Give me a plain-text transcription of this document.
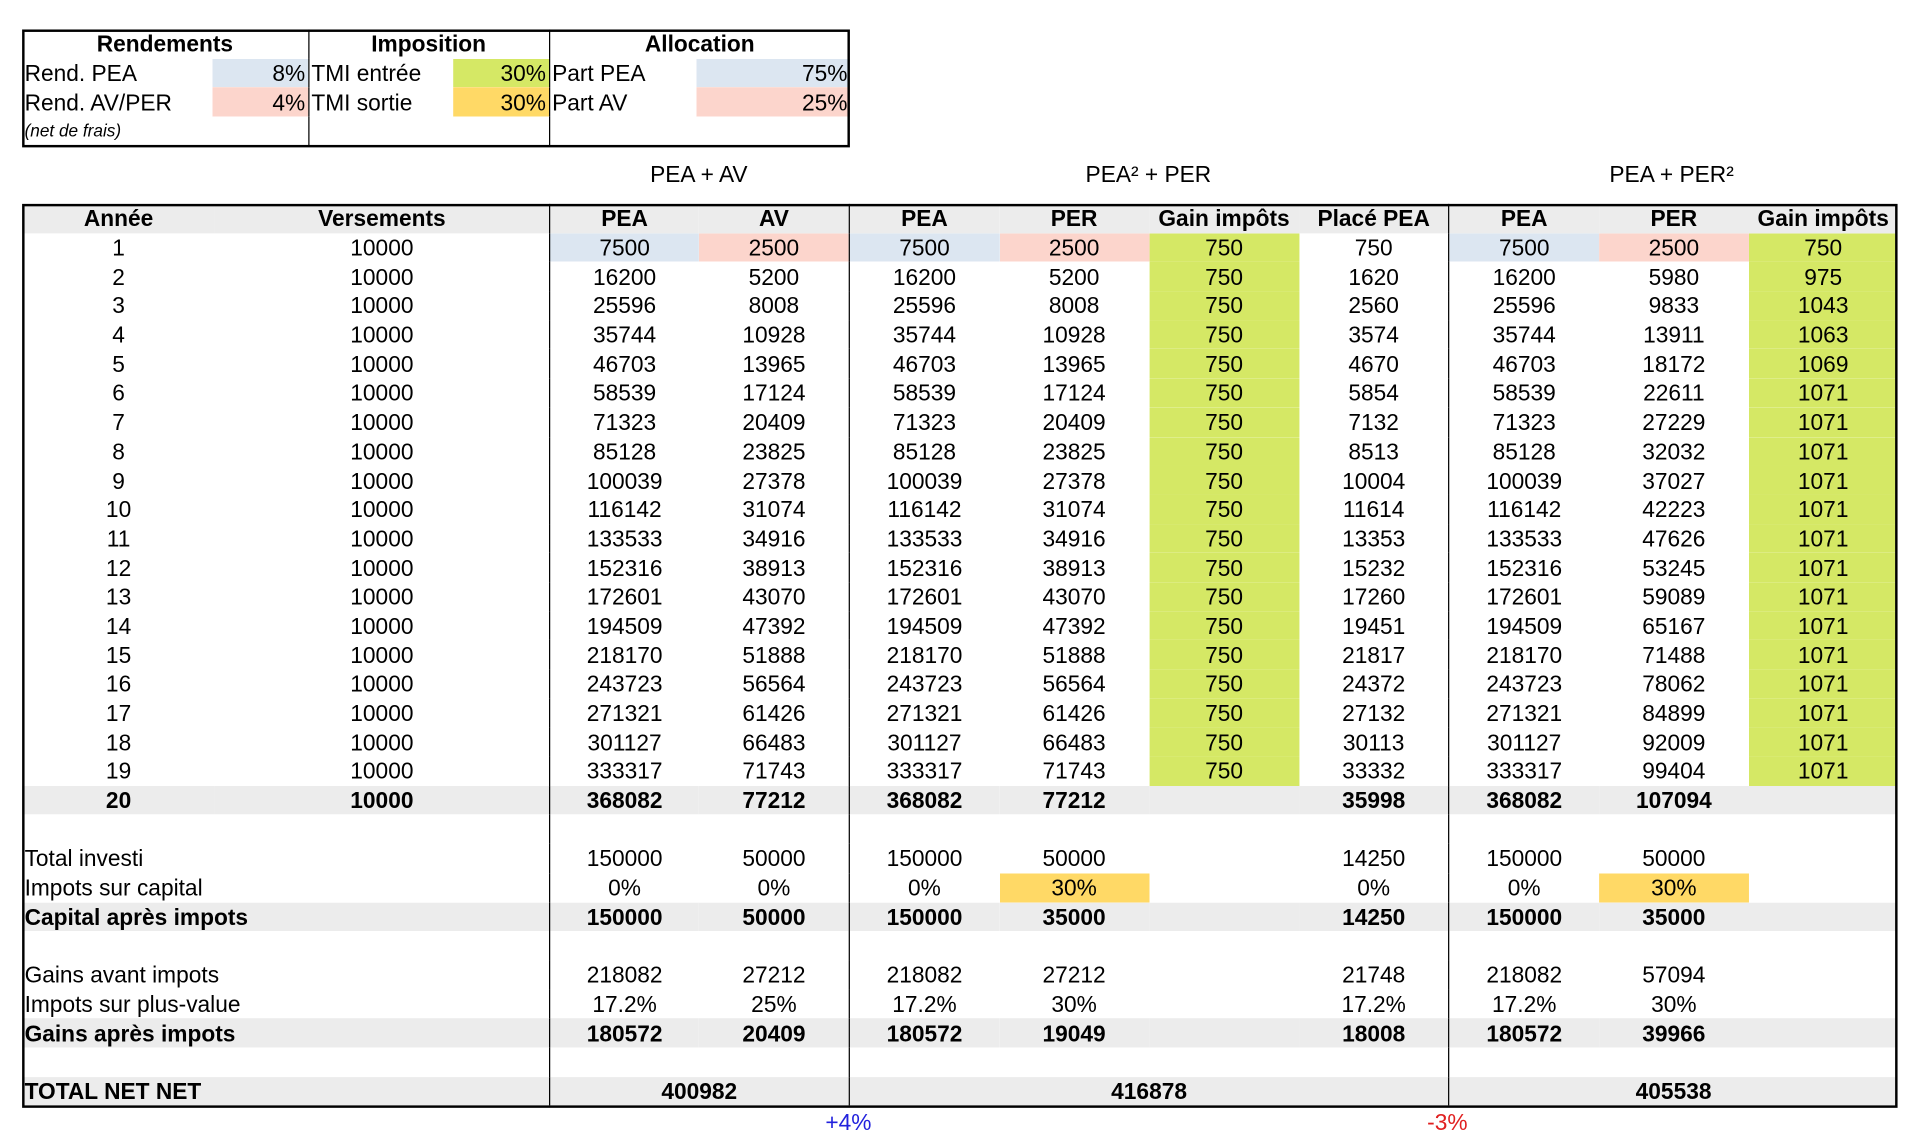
Rendements		Imposition		Allocation	
Rend. PEA	8%	TMI entrée	30%	Part PEA	75%
Rend. AV/PER	4%	TMI sortie	30%	Part AV	25%
(net de frais)					
PEA + AV	PEA² + PER	PEA + PER²
Année	Versements	PEA	AV	PEA	PER	Gain impôts	Placé PEA	PEA	PER	Gain impôts
1	10000	7500	2500	7500	2500	750	750	7500	2500	750
2	10000	16200	5200	16200	5200	750	1620	16200	5980	975
3	10000	25596	8008	25596	8008	750	2560	25596	9833	1043
4	10000	35744	10928	35744	10928	750	3574	35744	13911	1063
5	10000	46703	13965	46703	13965	750	4670	46703	18172	1069
6	10000	58539	17124	58539	17124	750	5854	58539	22611	1071
7	10000	71323	20409	71323	20409	750	7132	71323	27229	1071
8	10000	85128	23825	85128	23825	750	8513	85128	32032	1071
9	10000	100039	27378	100039	27378	750	10004	100039	37027	1071
10	10000	116142	31074	116142	31074	750	11614	116142	42223	1071
11	10000	133533	34916	133533	34916	750	13353	133533	47626	1071
12	10000	152316	38913	152316	38913	750	15232	152316	53245	1071
13	10000	172601	43070	172601	43070	750	17260	172601	59089	1071
14	10000	194509	47392	194509	47392	750	19451	194509	65167	1071
15	10000	218170	51888	218170	51888	750	21817	218170	71488	1071
16	10000	243723	56564	243723	56564	750	24372	243723	78062	1071
17	10000	271321	61426	271321	61426	750	27132	271321	84899	1071
18	10000	301127	66483	301127	66483	750	30113	301127	92009	1071
19	10000	333317	71743	333317	71743	750	33332	333317	99404	1071
20	10000	368082	77212	368082	77212		35998	368082	107094	

Total investi		150000	50000	150000	50000		14250	150000	50000	
Impots sur capital		0%	0%	0%	30%		0%	0%	30%	
Capital après impots		150000	50000	150000	35000		14250	150000	35000	

Gains avant impots		218082	27212	218082	27212		21748	218082	57094	
Impots sur plus-value		17.2%	25%	17.2%	30%		17.2%	17.2%	30%	
Gains après impots		180572	20409	180572	19049		18008	180572	39966	

TOTAL NET NET		400982		416878				405538		
+4%	-3%
